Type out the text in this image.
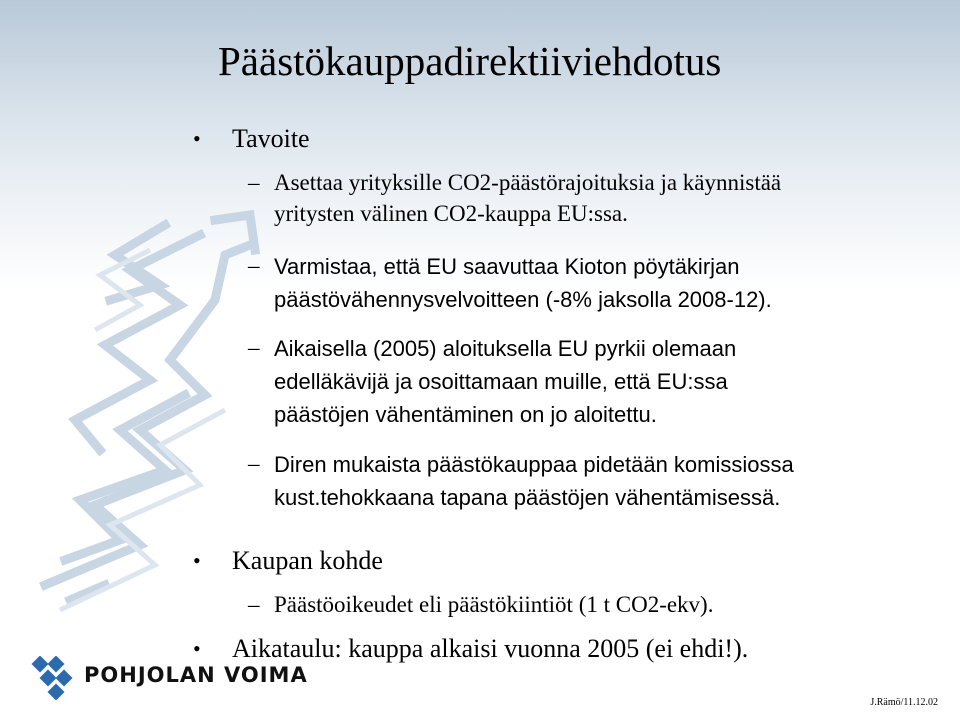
Päästökauppadirektiiviehdotus
• Tavoite
– Asettaa yrityksille CO2-päästörajoituksia ja käynnistää
yritysten välinen CO2-kauppa EU:ssa.
– Varmistaa, että EU saavuttaa Kioton pöytäkirjan
päästövähennysvelvoitteen (-8% jaksolla 2008-12).
– Aikaisella (2005) aloituksella EU pyrkii olemaan
edelläkävijä ja osoittamaan muille, että EU:ssa
päästöjen vähentäminen on jo aloitettu.
– Diren mukaista päästökauppaa pidetään komissiossa
kust.tehokkaana tapana päästöjen vähentämisessä.
• Kaupan kohde
– Päästöoikeudet eli päästökiintiöt (1 t CO2-ekv).
• Aikataulu: kauppa alkaisi vuonna 2005 (ei ehdi!).
POHJOLAN VOIMA
J.Rämö/11.12.02
